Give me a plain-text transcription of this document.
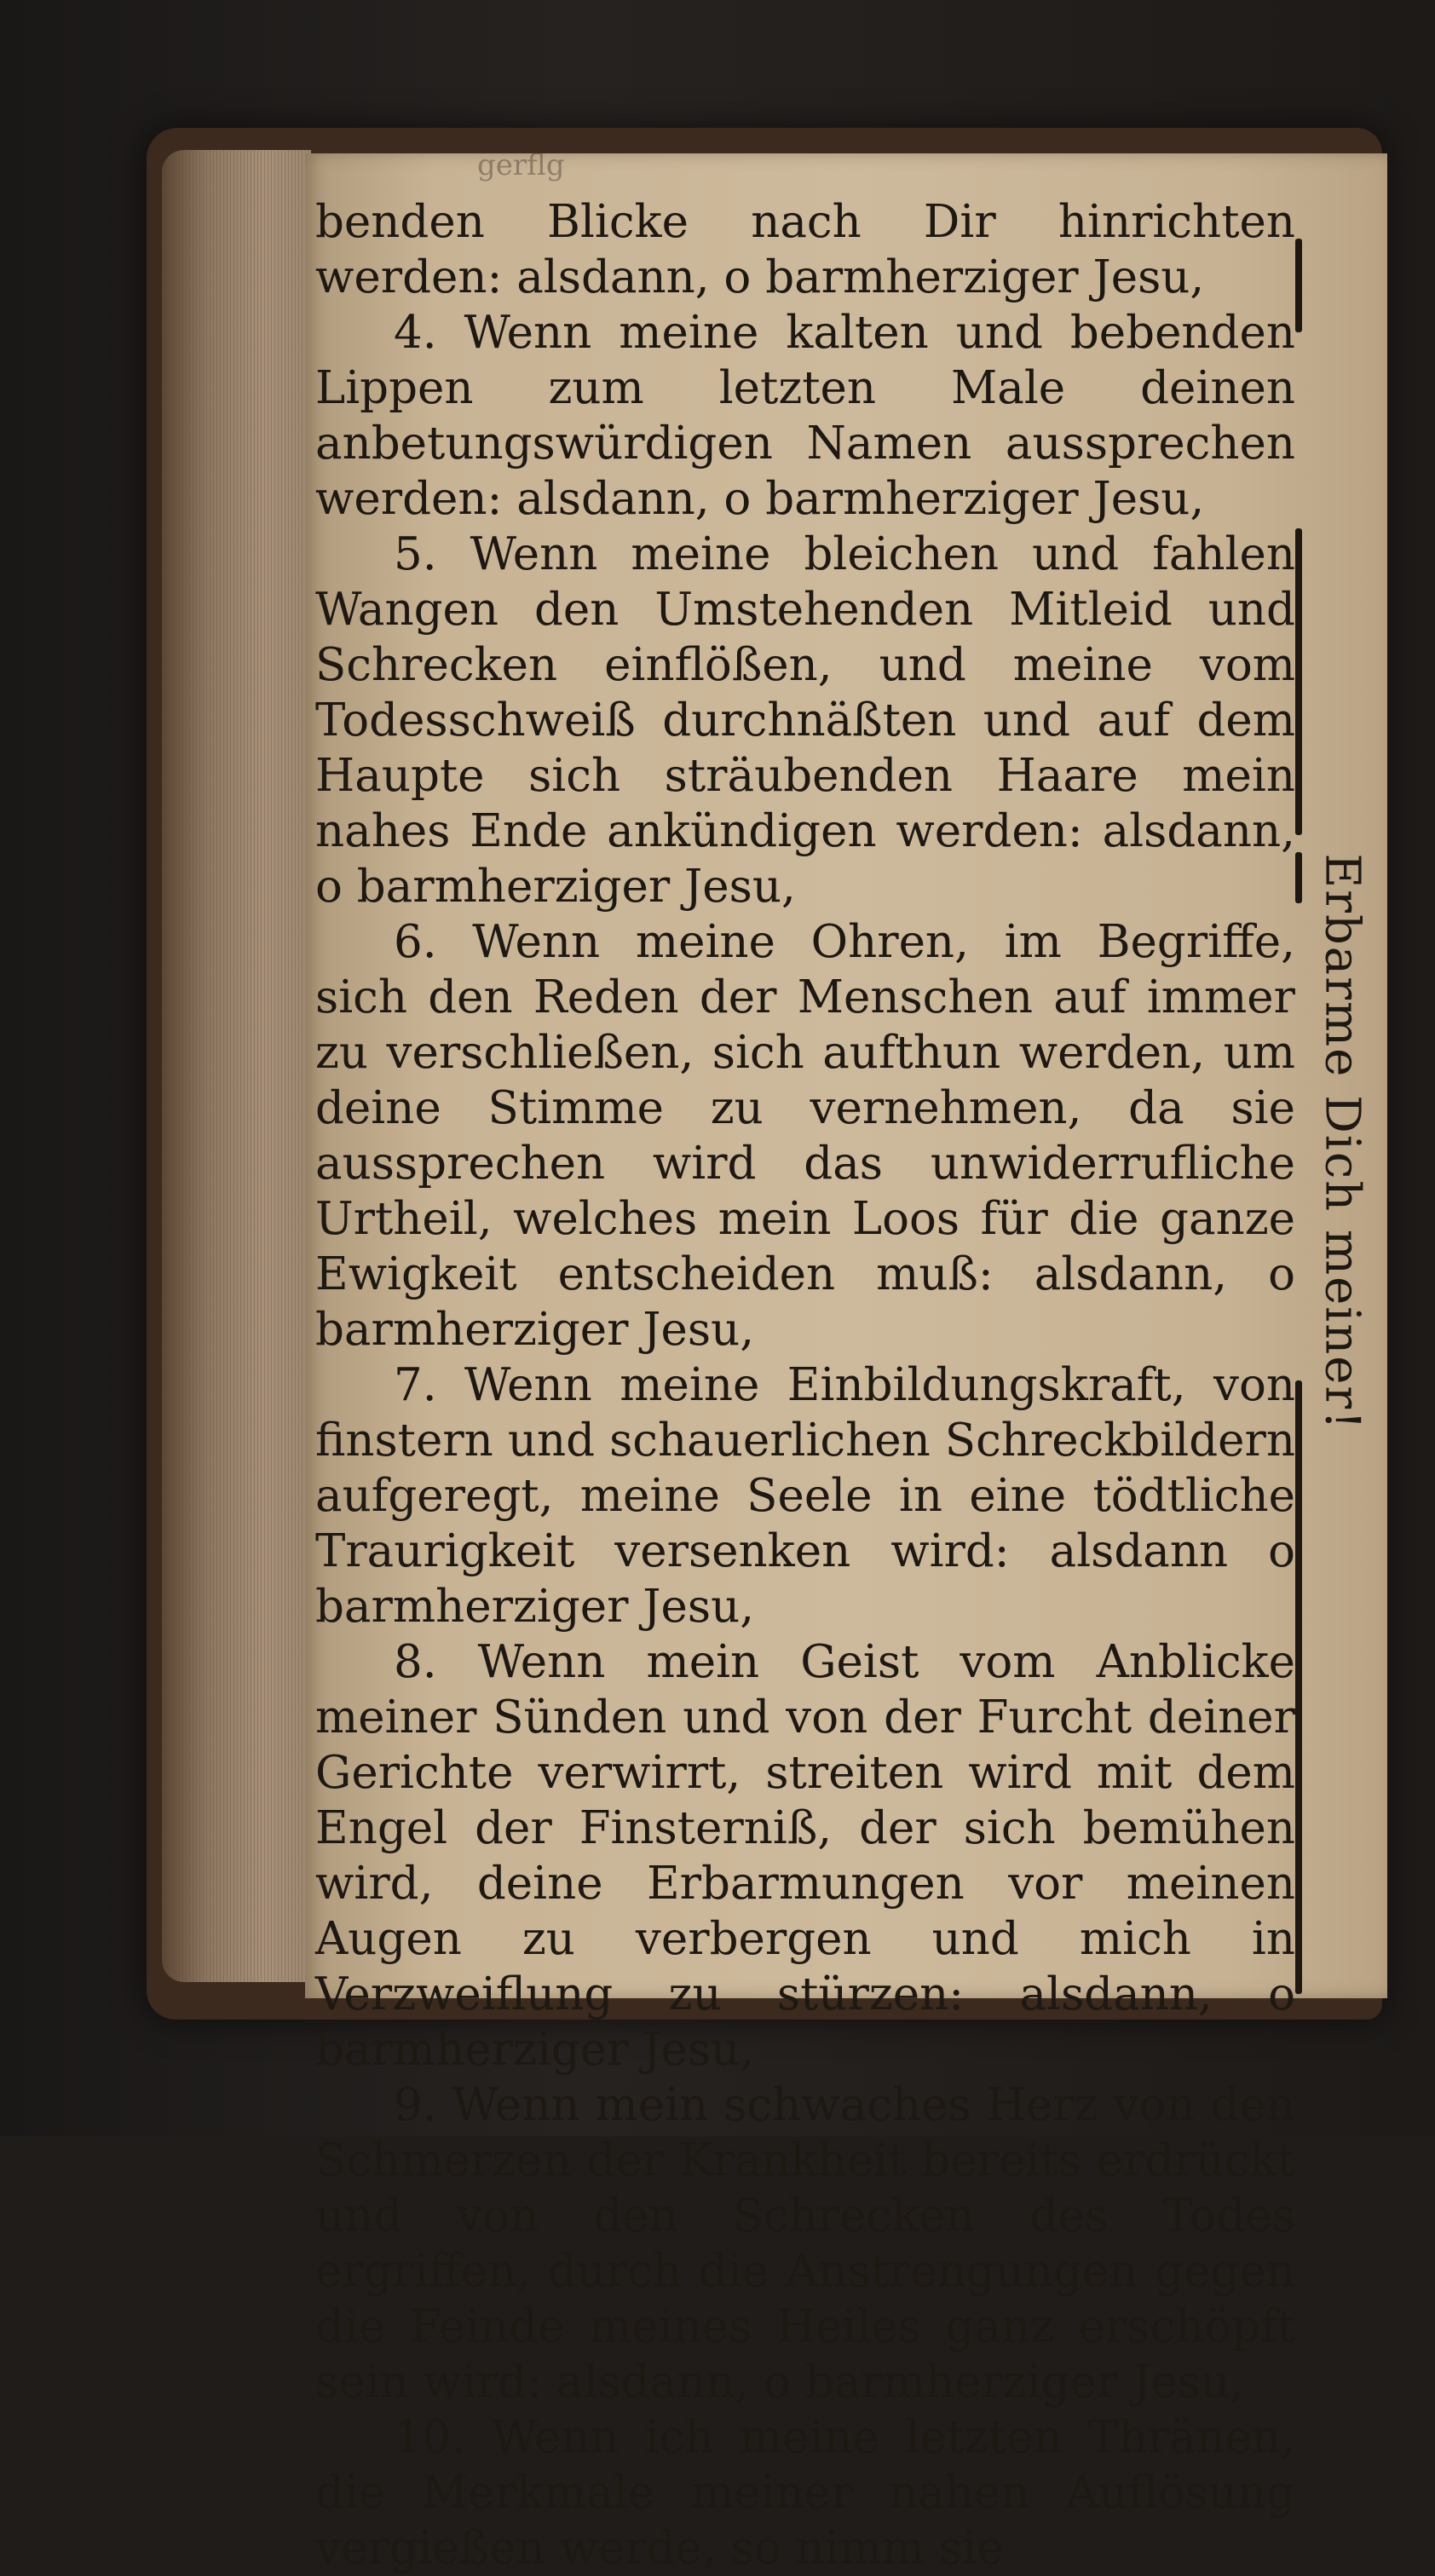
gerflg

benden Blicke nach Dir hinrichten werden: alsdann, o barmherziger Jesu,

4. Wenn meine kalten und bebenden Lippen zum letzten Male deinen anbetungswürdigen Namen aussprechen werden: alsdann, o barmherziger Jesu,

5. Wenn meine bleichen und fahlen Wangen den Umstehenden Mitleid und Schrecken einflößen, und meine vom Todesschweiß durchnäßten und auf dem Haupte sich sträubenden Haare mein nahes Ende ankündigen werden: alsdann, o barmherziger Jesu,

6. Wenn meine Ohren, im Begriffe, sich den Reden der Menschen auf immer zu verschließen, sich aufthun werden, um deine Stimme zu vernehmen, da sie aussprechen wird das unwiderrufliche Urtheil, welches mein Loos für die ganze Ewigkeit entscheiden muß: alsdann, o barmherziger Jesu,

7. Wenn meine Einbildungskraft, von finstern und schauerlichen Schreckbildern aufgeregt, meine Seele in eine tödtliche Traurigkeit versenken wird: alsdann o barmherziger Jesu,

8. Wenn mein Geist vom Anblicke meiner Sünden und von der Furcht deiner Gerichte verwirrt, streiten wird mit dem Engel der Finsterniß, der sich bemühen wird, deine Erbarmungen vor meinen Augen zu verbergen und mich in Verzweiflung zu stürzen: alsdann, o barmherziger Jesu,

9. Wenn mein schwaches Herz von den Schmerzen der Krankheit bereits erdrückt und von den Schrecken des Todes ergriffen, durch die Anstrengungen gegen die Feinde meines Heiles ganz erschöpft sein wird: alsdann, o barmherziger Jesu,

10. Wenn ich meine letzten Thränen, die Merkmale meiner nahen Auflösung vergießen werde, so nimm sie

Erbarme Dich meiner!
